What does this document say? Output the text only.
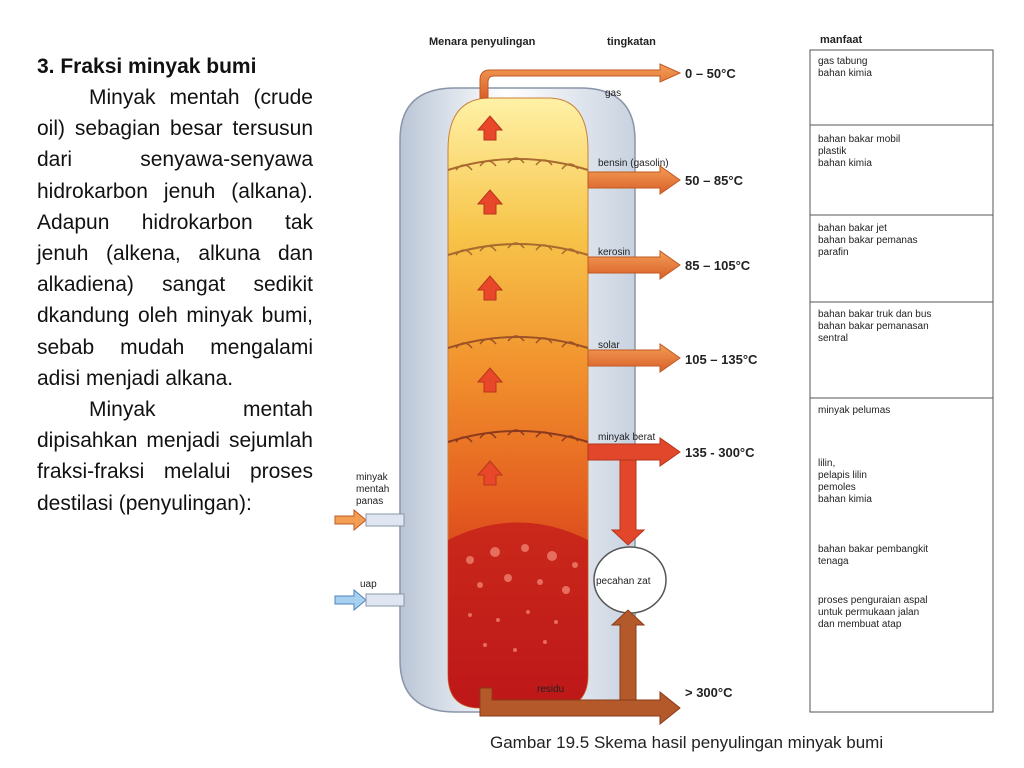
3. Fraksi minyak bumi

Minyak mentah (crude oil) sebagian besar tersusun dari senyawa-senyawa hidrokarbon jenuh (alkana). Adapun hidrokarbon tak jenuh (alkena, alkuna dan alkadiena) sangat sedikit dkandung oleh minyak bumi, sebab mudah mengalami adisi menjadi alkana.

Minyak mentah dipisahkan menjadi sejumlah fraksi-fraksi melalui proses destilasi (penyulingan):

Menara penyulingan	tingkatan	manfaat
pecahan zat
minyak
mentah
panas
uap
gas
bensin (gasolin)
kerosin
solar
minyak berat
residu
0 – 50°C
50 – 85°C
85 – 105°C
105 – 135°C
135 - 300°C
> 300°C
gas tabung
bahan kimia
bahan bakar mobil
plastik
bahan kimia
bahan bakar jet
bahan bakar pemanas
parafin
bahan bakar truk dan bus
bahan bakar pemanasan
sentral
minyak pelumas
lilin,
pelapis lilin
pemoles
bahan kimia
bahan bakar pembangkit
tenaga
proses penguraian aspal
untuk permukaan jalan
dan membuat atap
Gambar 19.5 Skema hasil penyulingan minyak bumi
